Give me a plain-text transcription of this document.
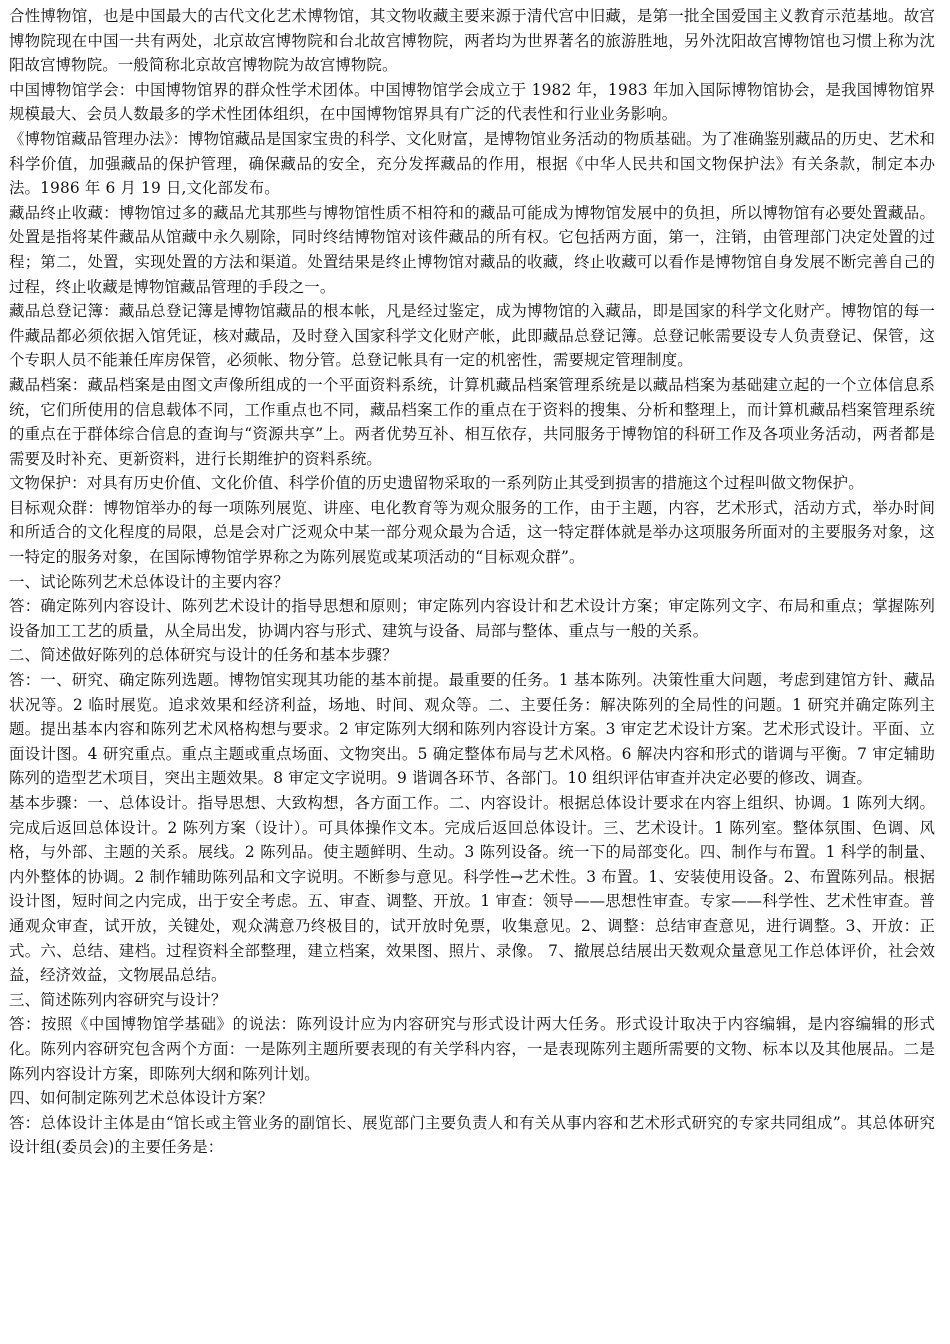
合性博物馆，也是中国最大的古代文化艺术博物馆，其文物收藏主要来源于清代宫中旧藏，是第一批全国爱国主义教育示范基地。故宫博物院现在中国一共有两处，北京故宫博物院和台北故宫博物院，两者均为世界著名的旅游胜地，另外沈阳故宫博物馆也习惯上称为沈阳故宫博物院。一般简称北京故宫博物院为故宫博物院。

中国博物馆学会：中国博物馆界的群众性学术团体。中国博物馆学会成立于 1982 年，1983 年加入国际博物馆协会，是我国博物馆界规模最大、会员人数最多的学术性团体组织，在中国博物馆界具有广泛的代表性和行业业务影响。

《博物馆藏品管理办法》：博物馆藏品是国家宝贵的科学、文化财富，是博物馆业务活动的物质基础。为了准确鉴别藏品的历史、艺术和科学价值，加强藏品的保护管理，确保藏品的安全，充分发挥藏品的作用，根据《中华人民共和国文物保护法》有关条款，制定本办法。1986 年 6 月 19 日,文化部发布。

藏品终止收藏：博物馆过多的藏品尤其那些与博物馆性质不相符和的藏品可能成为博物馆发展中的负担，所以博物馆有必要处置藏品。处置是指将某件藏品从馆藏中永久剔除，同时终结博物馆对该件藏品的所有权。它包括两方面，第一，注销，由管理部门决定处置的过程；第二，处置，实现处置的方法和渠道。处置结果是终止博物馆对藏品的收藏，终止收藏可以看作是博物馆自身发展不断完善自己的过程，终止收藏是博物馆藏品管理的手段之一。

藏品总登记簿：藏品总登记簿是博物馆藏品的根本帐，凡是经过鉴定，成为博物馆的入藏品，即是国家的科学文化财产。博物馆的每一件藏品都必须依据入馆凭证，核对藏品，及时登入国家科学文化财产帐，此即藏品总登记簿。总登记帐需要设专人负责登记、保管，这个专职人员不能兼任库房保管，必须帐、物分管。总登记帐具有一定的机密性，需要规定管理制度。

藏品档案：藏品档案是由图文声像所组成的一个平面资料系统，计算机藏品档案管理系统是以藏品档案为基础建立起的一个立体信息系统，它们所使用的信息载体不同，工作重点也不同，藏品档案工作的重点在于资料的搜集、分析和整理上，而计算机藏品档案管理系统的重点在于群体综合信息的查询与“资源共享”上。两者优势互补、相互依存，共同服务于博物馆的科研工作及各项业务活动，两者都是需要及时补充、更新资料，进行长期维护的资料系统。

文物保护：对具有历史价值、文化价值、科学价值的历史遗留物采取的一系列防止其受到损害的措施这个过程叫做文物保护。

目标观众群：博物馆举办的每一项陈列展览、讲座、电化教育等为观众服务的工作，由于主题，内容，艺术形式，活动方式，举办时间和所适合的文化程度的局限，总是会对广泛观众中某一部分观众最为合适，这一特定群体就是举办这项服务所面对的主要服务对象，这一特定的服务对象，在国际博物馆学界称之为陈列展览或某项活动的“目标观众群”。

一、试论陈列艺术总体设计的主要内容？

答：确定陈列内容设计、陈列艺术设计的指导思想和原则；审定陈列内容设计和艺术设计方案；审定陈列文字、布局和重点；掌握陈列设备加工工艺的质量，从全局出发，协调内容与形式、建筑与设备、局部与整体、重点与一般的关系。

二、简述做好陈列的总体研究与设计的任务和基本步骤？

答：一、研究、确定陈列选题。博物馆实现其功能的基本前提。最重要的任务。1 基本陈列。决策性重大问题，考虑到建馆方针、藏品状况等。2 临时展览。追求效果和经济利益，场地、时间、观众等。二、主要任务：解决陈列的全局性的问题。1 研究并确定陈列主题。提出基本内容和陈列艺术风格构想与要求。2 审定陈列大纲和陈列内容设计方案。3 审定艺术设计方案。艺术形式设计。平面、立面设计图。4 研究重点。重点主题或重点场面、文物突出。5 确定整体布局与艺术风格。6 解决内容和形式的谐调与平衡。7 审定辅助陈列的造型艺术项目，突出主题效果。8 审定文字说明。9 谐调各环节、各部门。10 组织评估审查并决定必要的修改、调查。

基本步骤：一、总体设计。指导思想、大致构想，各方面工作。二、内容设计。根据总体设计要求在内容上组织、协调。1 陈列大纲。完成后返回总体设计。2 陈列方案（设计）。可具体操作文本。完成后返回总体设计。三、艺术设计。1 陈列室。整体氛围、色调、风格，与外部、主题的关系。展线。2 陈列品。使主题鲜明、生动。3 陈列设备。统一下的局部变化。四、制作与布置。1 科学的制量、内外整体的协调。2 制作辅助陈列品和文字说明。不断参与意见。科学性→艺术性。3 布置。1、安装使用设备。2、布置陈列品。根据设计图，短时间之内完成，出于安全考虑。五、审查、调整、开放。1 审查：领导——思想性审查。专家——科学性、艺术性审查。普通观众审查，试开放，关键处，观众满意乃终极目的，试开放时免票，收集意见。2、调整：总结审查意见，进行调整。3、开放：正式。六、总结、建档。过程资料全部整理，建立档案，效果图、照片、录像。 7、撤展总结展出天数观众量意见工作总体评价，社会效益，经济效益，文物展品总结。

三、简述陈列内容研究与设计？

答：按照《中国博物馆学基础》的说法：陈列设计应为内容研究与形式设计两大任务。形式设计取决于内容编辑，是内容编辑的形式化。陈列内容研究包含两个方面：一是陈列主题所要表现的有关学科内容，一是表现陈列主题所需要的文物、标本以及其他展品。二是陈列内容设计方案，即陈列大纲和陈列计划。

四、如何制定陈列艺术总体设计方案？

答：总体设计主体是由“馆长或主管业务的副馆长、展览部门主要负责人和有关从事内容和艺术形式研究的专家共同组成”。其总体研究设计组(委员会)的主要任务是：
